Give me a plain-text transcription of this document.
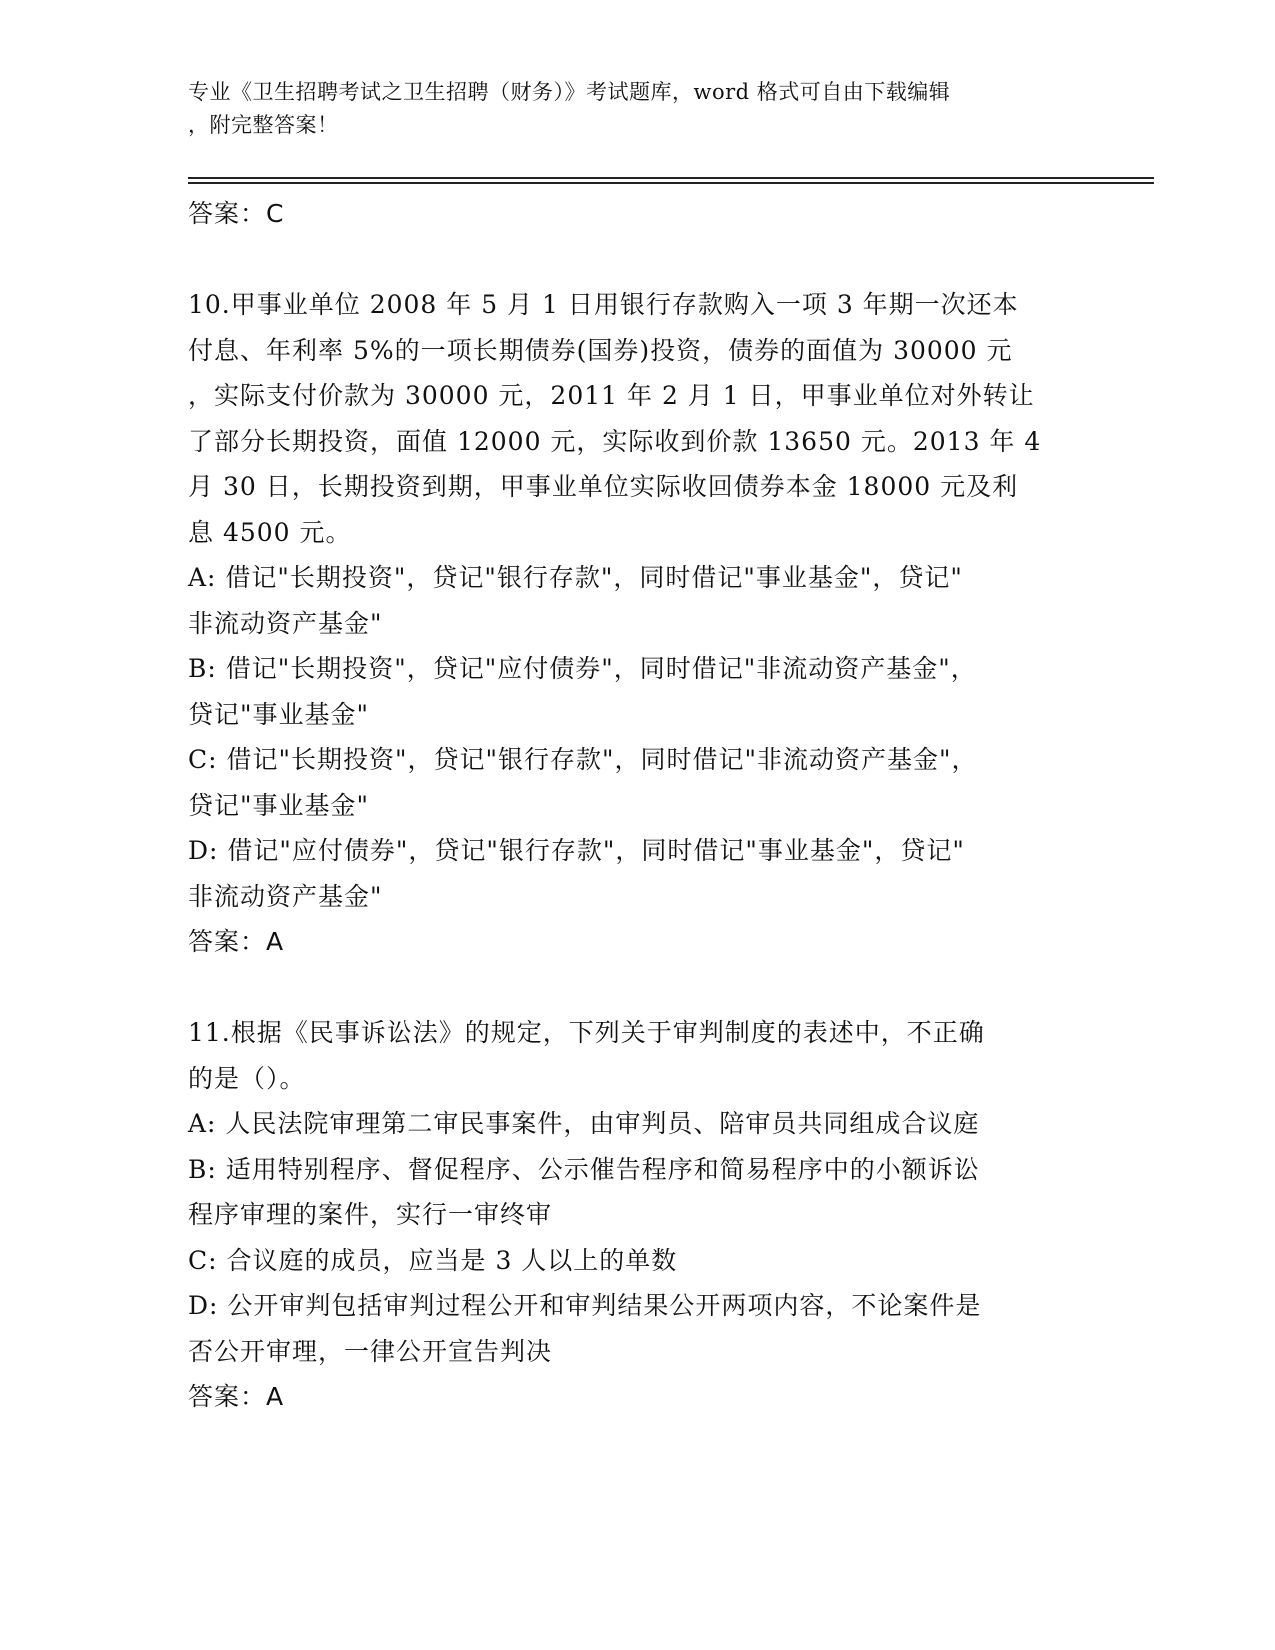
专业《卫生招聘考试之卫生招聘（财务）》考试题库，word 格式可自由下载编辑
，附完整答案！
答案：C
10.甲事业单位 2008 年 5 月 1 日用银行存款购入一项 3 年期一次还本
付息、年利率 5%的一项长期债券(国券)投资，债券的面值为 30000 元
，实际支付价款为 30000 元，2011 年 2 月 1 日，甲事业单位对外转让
了部分长期投资，面值 12000 元，实际收到价款 13650 元。2013 年 4
月 30 日，长期投资到期，甲事业单位实际收回债券本金 18000 元及利
息 4500 元。
A: 借记"长期投资"，贷记"银行存款"，同时借记"事业基金"，贷记"
非流动资产基金"
B: 借记"长期投资"，贷记"应付债券"，同时借记"非流动资产基金"，
贷记"事业基金"
C: 借记"长期投资"，贷记"银行存款"，同时借记"非流动资产基金"，
贷记"事业基金"
D: 借记"应付债券"，贷记"银行存款"，同时借记"事业基金"，贷记"
非流动资产基金"
答案：A
11.根据《民事诉讼法》的规定，下列关于审判制度的表述中，不正确
的是（）。
A: 人民法院审理第二审民事案件，由审判员、陪审员共同组成合议庭
B: 适用特别程序、督促程序、公示催告程序和简易程序中的小额诉讼
程序审理的案件，实行一审终审
C: 合议庭的成员，应当是 3 人以上的单数
D: 公开审判包括审判过程公开和审判结果公开两项内容，不论案件是
否公开审理，一律公开宣告判决
答案：A
